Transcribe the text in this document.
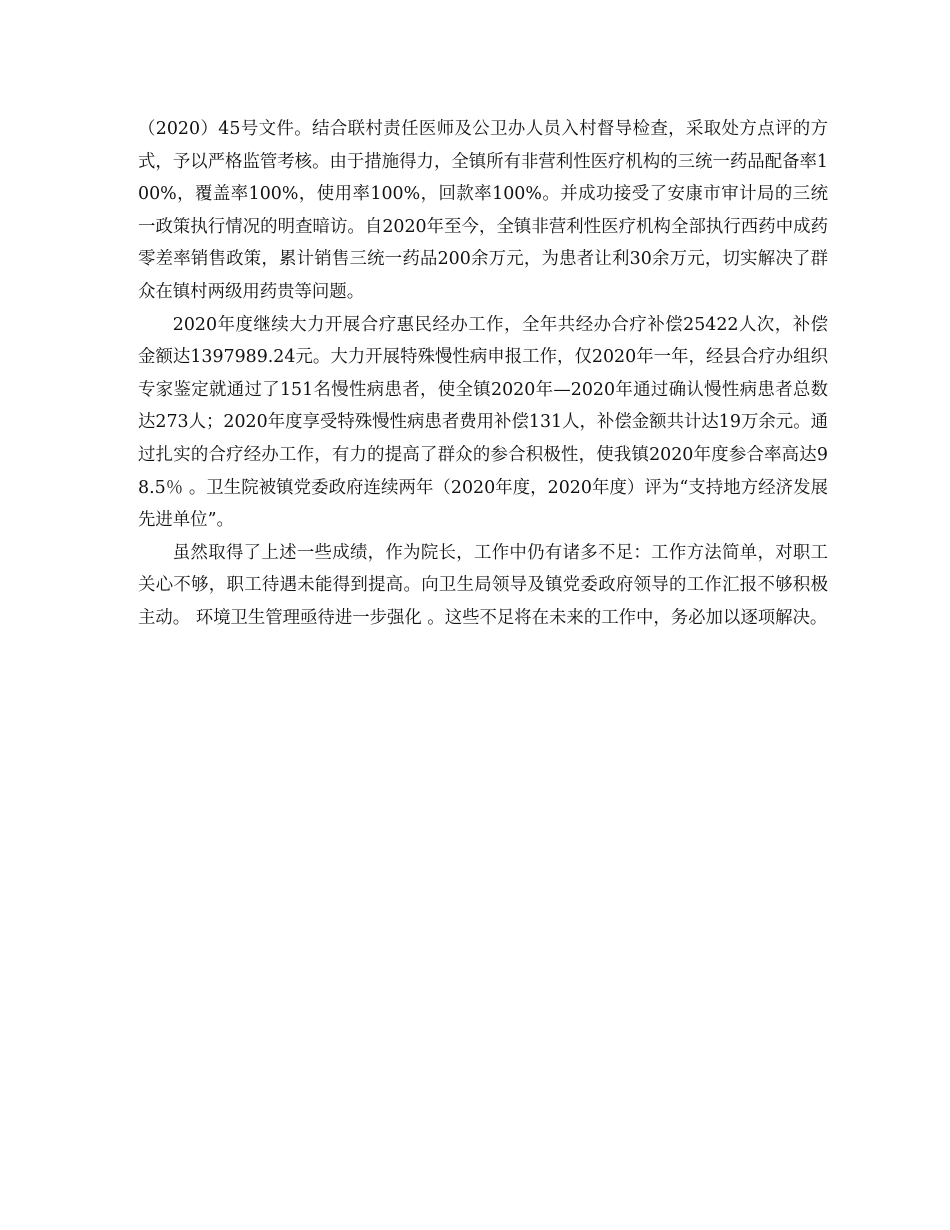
（2020）45号文件。结合联村责任医师及公卫办人员入村督导检查，采取处方点评的方式，予以严格监管考核。由于措施得力，全镇所有非营利性医疗机构的三统一药品配备率100%，覆盖率100%，使用率100%，回款率100%。并成功接受了安康市审计局的三统一政策执行情况的明查暗访。自2020年至今，全镇非营利性医疗机构全部执行西药中成药零差率销售政策，累计销售三统一药品200余万元，为患者让利30余万元，切实解决了群众在镇村两级用药贵等问题。

2020年度继续大力开展合疗惠民经办工作，全年共经办合疗补偿25422人次，补偿金额达1397989.24元。大力开展特殊慢性病申报工作，仅2020年一年，经县合疗办组织专家鉴定就通过了151名慢性病患者，使全镇2020年—2020年通过确认慢性病患者总数达273人；2020年度享受特殊慢性病患者费用补偿131人，补偿金额共计达19万余元。通过扎实的合疗经办工作，有力的提高了群众的参合积极性，使我镇2020年度参合率高达98.5％ 。卫生院被镇党委政府连续两年（2020年度，2020年度）评为“支持地方经济发展先进单位”。

虽然取得了上述一些成绩，作为院长，工作中仍有诸多不足：工作方法简单，对职工关心不够，职工待遇未能得到提高。向卫生局领导及镇党委政府领导的工作汇报不够积极主动。 环境卫生管理亟待进一步强化 。这些不足将在未来的工作中，务必加以逐项解决。
